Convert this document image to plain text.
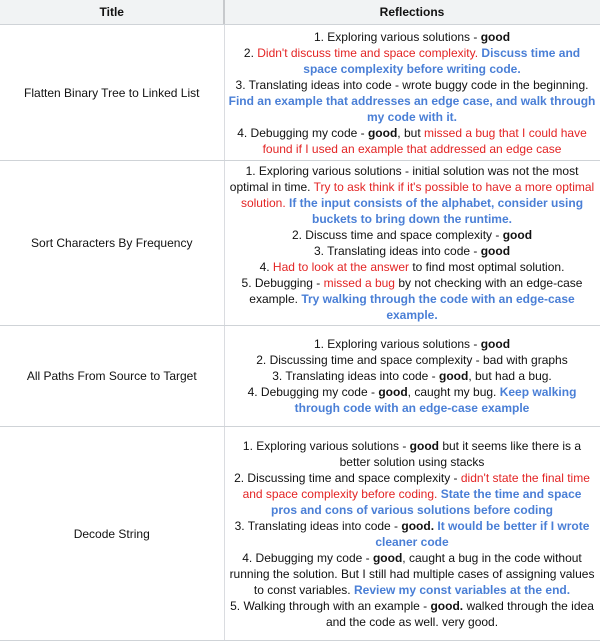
Title	Reflections
Flatten Binary Tree to Linked List	1. Exploring various solutions - good
2. Didn't discuss time and space complexity. Discuss time and space complexity before writing code.
3. Translating ideas into code - wrote buggy code in the beginning. Find an example that addresses an edge case, and walk through my code with it.
4. Debugging my code - good, but missed a bug that I could have found if I used an example that addressed an edge case

Sort Characters By Frequency	1. Exploring various solutions - initial solution was not the most optimal in time. Try to ask think if it's possible to have a more optimal solution. If the input consists of the alphabet, consider using buckets to bring down the runtime.
2. Discuss time and space complexity - good
3. Translating ideas into code - good
4. Had to look at the answer to find most optimal solution.
5. Debugging - missed a bug by not checking with an edge-case example. Try walking through the code with an edge-case example.

All Paths From Source to Target	1. Exploring various solutions - good
2. Discussing time and space complexity - bad with graphs
3. Translating ideas into code - good, but had a bug.
4. Debugging my code - good, caught my bug. Keep walking through code with an edge-case example

Decode String	1. Exploring various solutions - good but it seems like there is a better solution using stacks
2. Discussing time and space complexity - didn't state the final time and space complexity before coding. State the time and space pros and cons of various solutions before coding
3. Translating ideas into code - good. It would be better if I wrote cleaner code
4. Debugging my code - good, caught a bug in the code without running the solution. But I still had multiple cases of assigning values to const variables. Review my const variables at the end.
5. Walking through with an example - good. walked through the idea and the code as well. very good.
